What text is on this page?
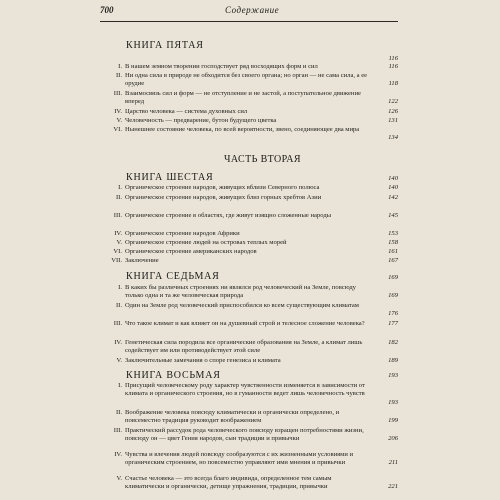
700	Содержание
КНИГА ПЯТАЯ
116
I. В нашем земном творении господствует ряд восходящих форм и сил	116
II. Ни одна сила в природе не обходится без своего органа; но орган — не сама сила, а ее орудие	118
III. Взаимосвязь сил и форм — не отступление и не застой, а поступательное движение вперед	122
IV. Царство человека — система духовных сил	126
V. Человечность — предварение, бутон будущего цветка	131
VI. Нынешнее состояние человека, по всей вероятности, звено, соединяющее два мира
134
ЧАСТЬ ВТОРАЯ
КНИГА ШЕСТАЯ	140
I. Органическое строение народов, живущих вблизи Северного полюса	140
II. Органическое строение народов, живущих близ горных хребтов Азии	142
III. Органическое строение в областях, где живут изящно сложенные народы	145
IV. Органическое строение народов Африки	153
V. Органическое строение людей на островах теплых морей	158
VI. Органическое строение американских народов	161
VII. Заключение	167
КНИГА СЕДЬМАЯ	169
I. В каких бы различных строениях ни являлся род человеческий на Земле, повсюду только одна и та же человеческая природа	169
II. Один на Земле род человеческий приспособился ко всем существующим климатам
176
III. Что такое климат и как влияет он на душевный строй и телесное сложение человека?	177
IV. Генетическая сила породила все органические образования на Земле, а климат лишь содействует им или противодействует этой силе
182
V. Заключительные замечания о споре генезиса и климата	189
КНИГА ВОСЬМАЯ	193
I. Присущий человеческому роду характер чувственности изменяется в зависимости от климата и органического строения, но в гуманности ведет лишь человечность чувств
193
II. Воображение человека повсюду климатически и органически определено, и повсеместно традиция руководит воображением	199
III. Практический рассудок рода человеческого повсюду взращен потребностями жизни, повсюду он — цвет Гения народов, сын традиции и привычки	206
IV. Чувства и влечения людей повсюду сообразуются с их жизненными условиями и органическим строением, но повсеместно управляют ими мнения и привычки	211
V. Счастье человека — это всегда благо индивида, определенное тем самым климатически и органически, детище упражнения, традиции, привычки	221
